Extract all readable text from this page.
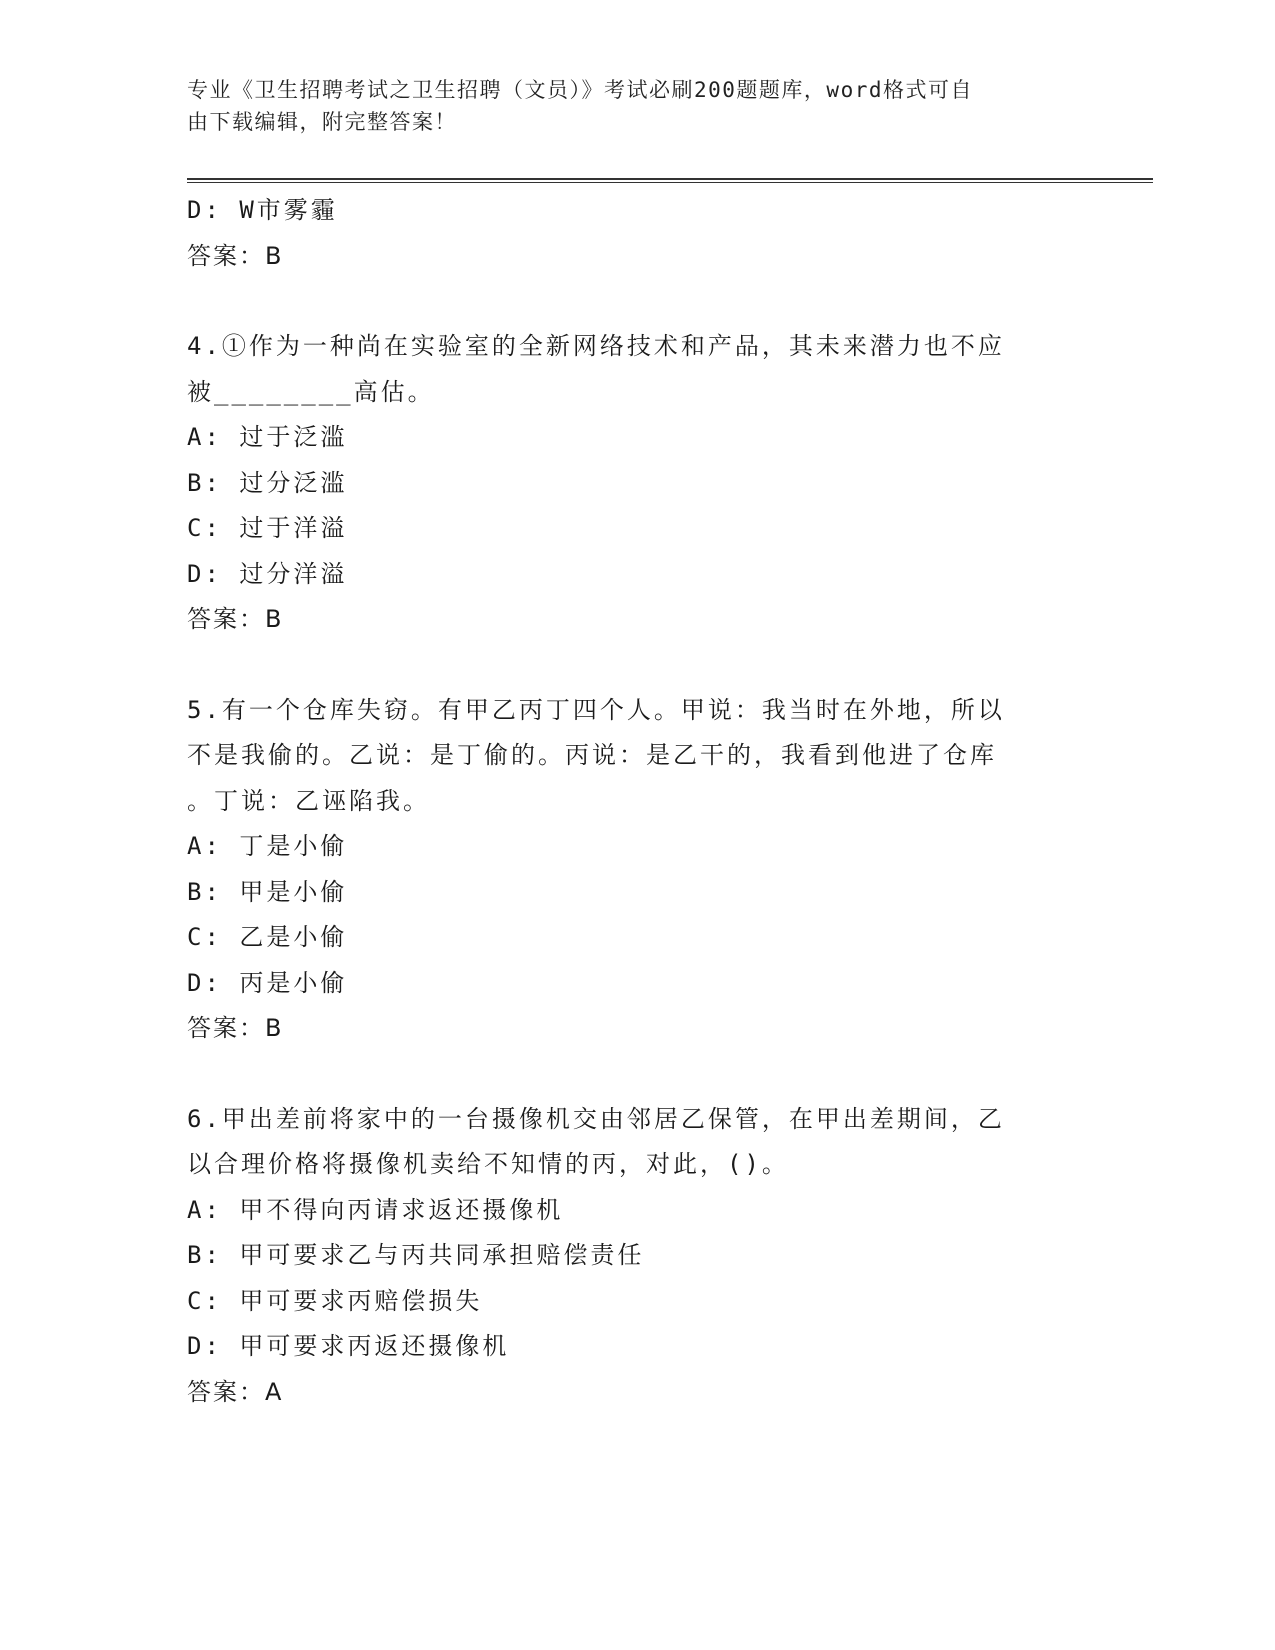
专业《卫生招聘考试之卫生招聘（文员）》考试必刷200题题库，word格式可自
由下载编辑，附完整答案！
D: W市雾霾
答案：B
4.①作为一种尚在实验室的全新网络技术和产品，其未来潜力也不应
被________高估。
A: 过于泛滥
B: 过分泛滥
C: 过于洋溢
D: 过分洋溢
答案：B
5.有一个仓库失窃。有甲乙丙丁四个人。甲说：我当时在外地，所以
不是我偷的。乙说：是丁偷的。丙说：是乙干的，我看到他进了仓库
。丁说：乙诬陷我。
A: 丁是小偷
B: 甲是小偷
C: 乙是小偷
D: 丙是小偷
答案：B
6.甲出差前将家中的一台摄像机交由邻居乙保管，在甲出差期间，乙
以合理价格将摄像机卖给不知情的丙，对此，()。
A: 甲不得向丙请求返还摄像机
B: 甲可要求乙与丙共同承担赔偿责任
C: 甲可要求丙赔偿损失
D: 甲可要求丙返还摄像机
答案：A
